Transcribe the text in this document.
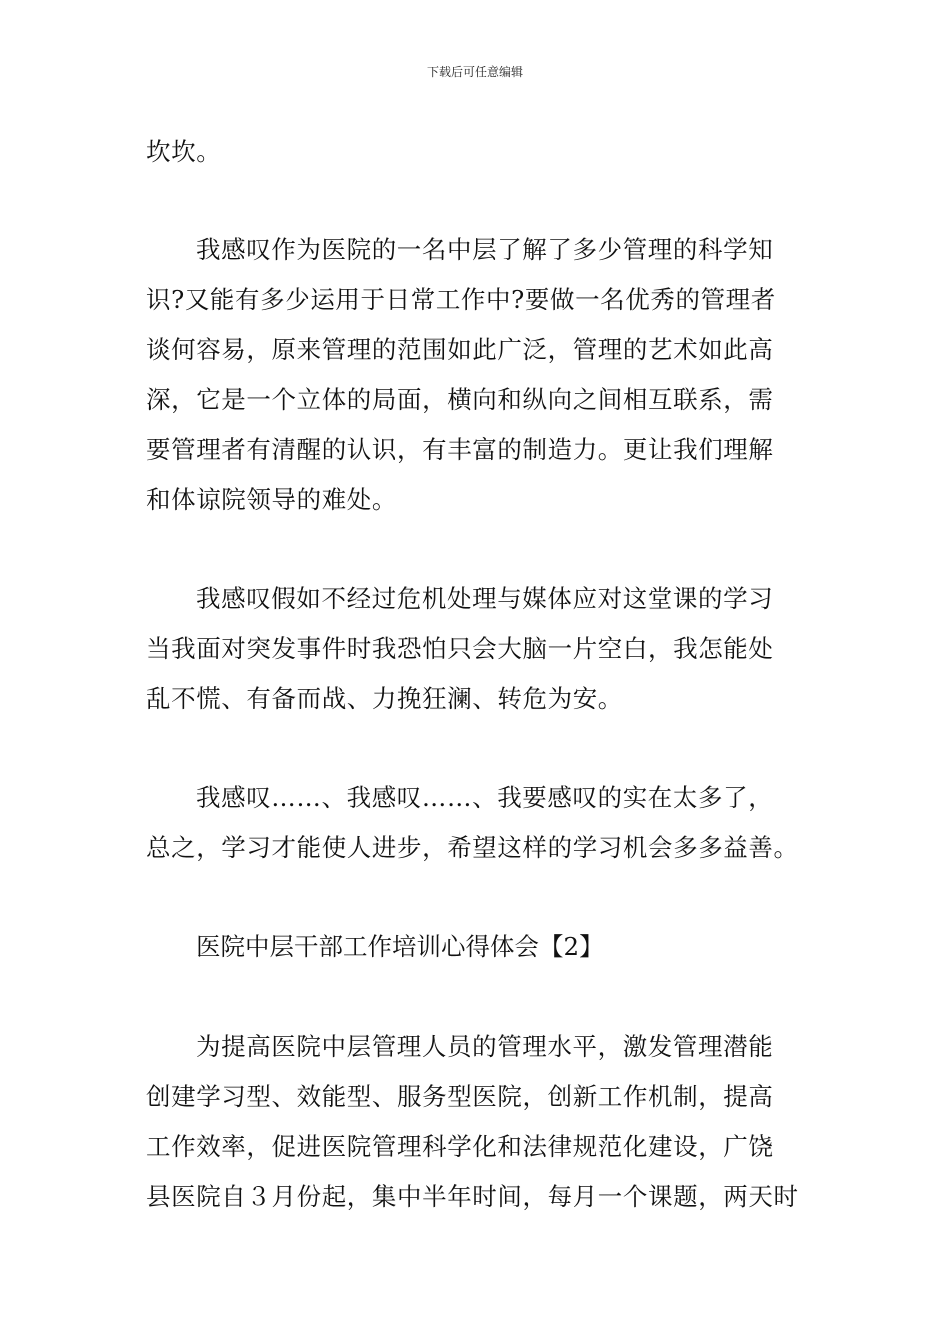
下载后可任意编辑
坎坎。
我感叹作为医院的一名中层了解了多少管理的科学知
识?又能有多少运用于日常工作中?要做一名优秀的管理者
谈何容易，原来管理的范围如此广泛，管理的艺术如此高
深，它是一个立体的局面，横向和纵向之间相互联系，需
要管理者有清醒的认识，有丰富的制造力。更让我们理解
和体谅院领导的难处。
我感叹假如不经过危机处理与媒体应对这堂课的学习
当我面对突发事件时我恐怕只会大脑一片空白，我怎能处
乱不慌、有备而战、力挽狂澜、转危为安。
我感叹……、我感叹……、我要感叹的实在太多了，
总之，学习才能使人进步，希望这样的学习机会多多益善。
医院中层干部工作培训心得体会【2】
为提高医院中层管理人员的管理水平，激发管理潜能
创建学习型、效能型、服务型医院，创新工作机制，提高
工作效率，促进医院管理科学化和法律规范化建设，广饶
县医院自３月份起，集中半年时间，每月一个课题，两天时
